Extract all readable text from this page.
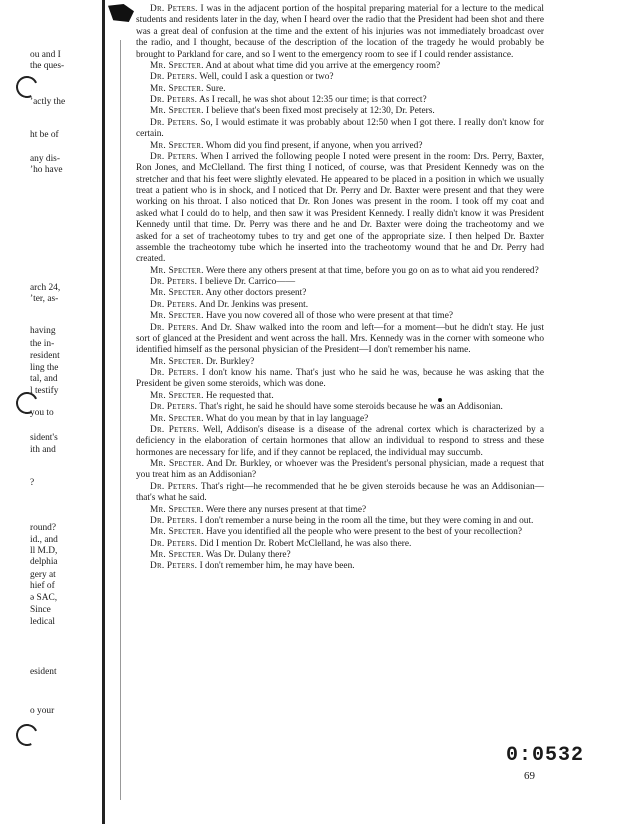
ou and I
the ques-
ʼactly the
ht be of
any dis-
ʼho have
arch 24,
ʼter, as-
having
the in-
resident
ling the
tal, and
l testify
you to
sident's
ith and
?
round?
id., and
ll M.D,
delphia
gery at
hief of
ə SAC,
Since
ledical
esident
o your

Dr. Peters. I was in the adjacent portion of the hospital preparing material for a lecture to the medical students and residents later in the day, when I heard over the radio that the President had been shot and there was a great deal of confusion at the time and the extent of his injuries was not immediately broadcast over the radio, and I thought, because of the description of the location of the tragedy he would probably be brought to Parkland for care, and so I went to the emergency room to see if I could render assistance.

Mr. Specter. And at about what time did you arrive at the emergency room?

Dr. Peters. Well, could I ask a question or two?

Mr. Specter. Sure.

Dr. Peters. As I recall, he was shot about 12:35 our time; is that correct?

Mr. Specter. I believe that's been fixed most precisely at 12:30, Dr. Peters.

Dr. Peters. So, I would estimate it was probably about 12:50 when I got there. I really don't know for certain.

Mr. Specter. Whom did you find present, if anyone, when you arrived?

Dr. Peters. When I arrived the following people I noted were present in the room: Drs. Perry, Baxter, Ron Jones, and McClelland. The first thing I noticed, of course, was that President Kennedy was on the stretcher and that his feet were slightly elevated. He appeared to be placed in a position in which we usually treat a patient who is in shock, and I noticed that Dr. Perry and Dr. Baxter were present and that they were working on his throat. I also noticed that Dr. Ron Jones was present in the room. I took off my coat and asked what I could do to help, and then saw it was President Kennedy. I really didn't know it was President Kennedy until that time. Dr. Perry was there and he and Dr. Baxter were doing the tracheotomy and we asked for a set of tracheotomy tubes to try and get one of the appropriate size. I then helped Dr. Baxter assemble the tracheotomy tube which he inserted into the tracheotomy wound that he and Dr. Perry had created.

Mr. Specter. Were there any others present at that time, before you go on as to what aid you rendered?

Dr. Peters. I believe Dr. Carrico——

Mr. Specter. Any other doctors present?

Dr. Peters. And Dr. Jenkins was present.

Mr. Specter. Have you now covered all of those who were present at that time?

Dr. Peters. And Dr. Shaw walked into the room and left—for a moment—but he didn't stay. He just sort of glanced at the President and went across the hall. Mrs. Kennedy was in the corner with someone who identified himself as the personal physician of the President—I don't remember his name.

Mr. Specter. Dr. Burkley?

Dr. Peters. I don't know his name. That's just who he said he was, because he was asking that the President be given some steroids, which was done.

Mr. Specter. He requested that.

Dr. Peters. That's right, he said he should have some steroids because he was an Addisonian.

Mr. Specter. What do you mean by that in lay language?

Dr. Peters. Well, Addison's disease is a disease of the adrenal cortex which is characterized by a deficiency in the elaboration of certain hormones that allow an individual to respond to stress and these hormones are necessary for life, and if they cannot be replaced, the individual may succumb.

Mr. Specter. And Dr. Burkley, or whoever was the President's personal physician, made a request that you treat him as an Addisonian?

Dr. Peters. That's right—he recommended that he be given steroids because he was an Addisonian—that's what he said.

Mr. Specter. Were there any nurses present at that time?

Dr. Peters. I don't remember a nurse being in the room all the time, but they were coming in and out.

Mr. Specter. Have you identified all the people who were present to the best of your recollection?

Dr. Peters. Did I mention Dr. Robert McClelland, he was also there.

Mr. Specter. Was Dr. Dulany there?

Dr. Peters. I don't remember him, he may have been.

0:0532
69
